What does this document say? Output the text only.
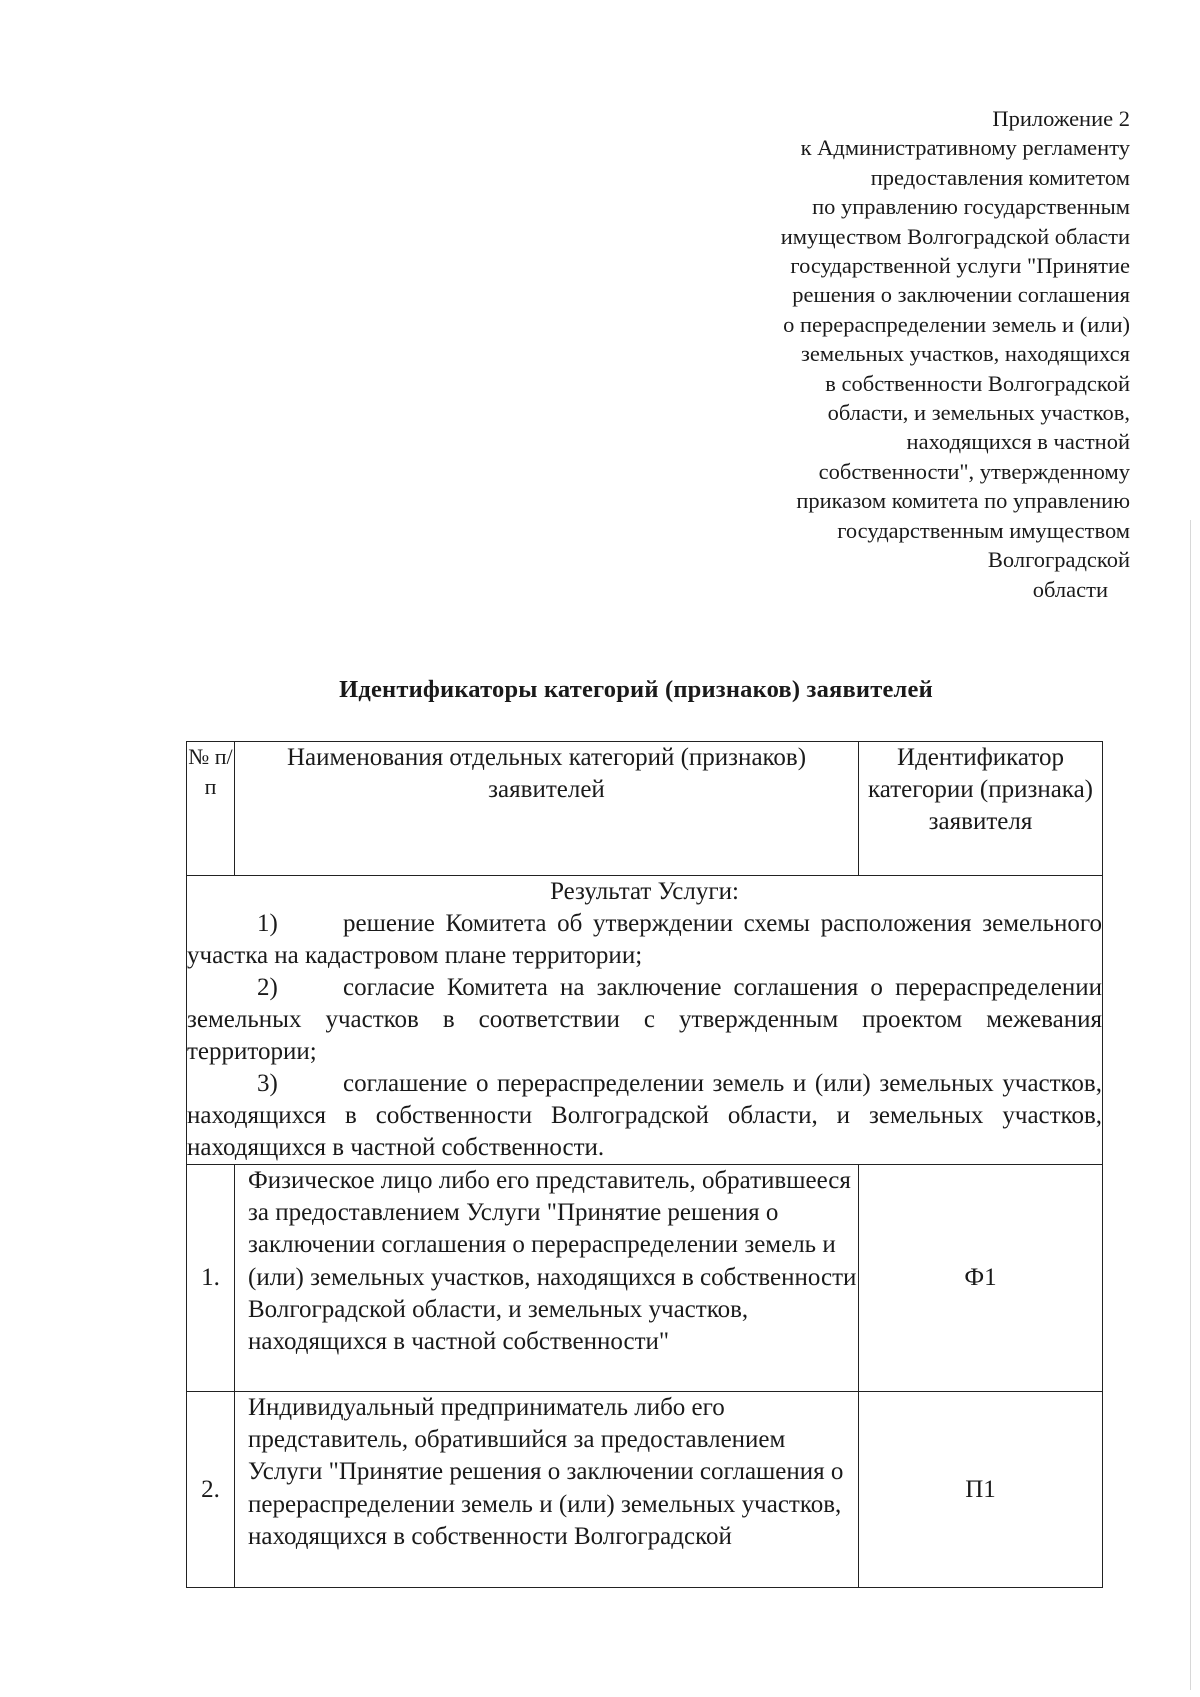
Приложение 2
к Административному регламенту
предоставления комитетом
по управлению государственным
имуществом Волгоградской области
государственной услуги "Принятие
решения о заключении соглашения
о перераспределении земель и (или)
земельных участков, находящихся
в собственности Волгоградской
области, и земельных участков,
находящихся в частной
собственности", утвержденному
приказом комитета по управлению
государственным имуществом
Волгоградской
области
Идентификаторы категорий (признаков) заявителей
№ п/п	Наименования отдельных категорий (признаков) заявителей	Идентификатор категории (признака) заявителя

Результат Услуги:
1) решение Комитета об утверждении схемы расположения земельного участка на кадастровом плане территории;
2) согласие Комитета на заключение соглашения о перераспределении земельных участков в соответствии с утвержденным проектом межевания территории;
3) соглашение о перераспределении земель и (или) земельных участков, находящихся в собственности Волгоградской области, и земельных участков, находящихся в частной собственности.		

1.	Физическое лицо либо его представитель, обратившееся за предоставлением Услуги "Принятие решения о заключении соглашения о перераспределении земель и (или) земельных участков, находящихся в собственности Волгоградской области, и земельных участков, находящихся в частной собственности"	Ф1
2.	Индивидуальный предприниматель либо его представитель, обратившийся за предоставлением Услуги "Принятие решения о заключении соглашения о перераспределении земель и (или) земельных участков, находящихся в собственности Волгоградской	П1
